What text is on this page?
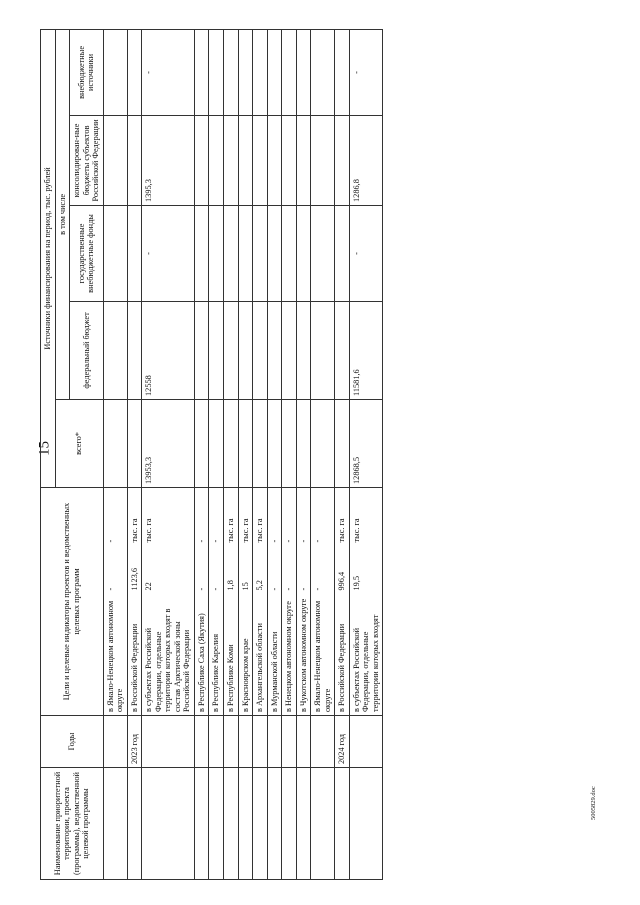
15
Наименование приоритетной территории, проекта (программы), ведомственной целевой программы	Годы	Цели и целевые индикаторы проектов и ведомственных целевых программ			Источники финансирования на период, тыс. рублей				
					всего*	в том числе			
						федеральный бюджет	государственные внебюджетные фонды	консолидирован-ные бюджеты субъектов Российской Федерации	внебюджетные источники
		в Ямало-Ненецком автономном округе	-	-					
	2023 год	в Российской Федерации	1123,6	тыс. га					
		в субъектах Российской Федерации, отдельные территории которых входят в состав Арктической зоны Российской Федерации	22	тыс. га	13953,3	12558	-	1395,3	-
		в Республике Саха (Якутия)	-	-					
		в Республике Карелия	-	-					
		в Республике Коми	1,8	тыс. га					
		в Красноярском крае	15	тыс. га					
		в Архангельской области	5,2	тыс. га					
		в Мурманской области	-	-					
		в Ненецком автономном округе	-	-					
		в Чукотском автономном округе	-	-					
		в Ямало-Ненецком автономном округе	-	-					
	2024 год	в Российской Федерации	996,4	тыс. га					
		в субъектах Российской Федерации, отдельные территории которых входят	19,5	тыс. га	12868,5	11581,6	-	1286,8	-
5005829.doc
